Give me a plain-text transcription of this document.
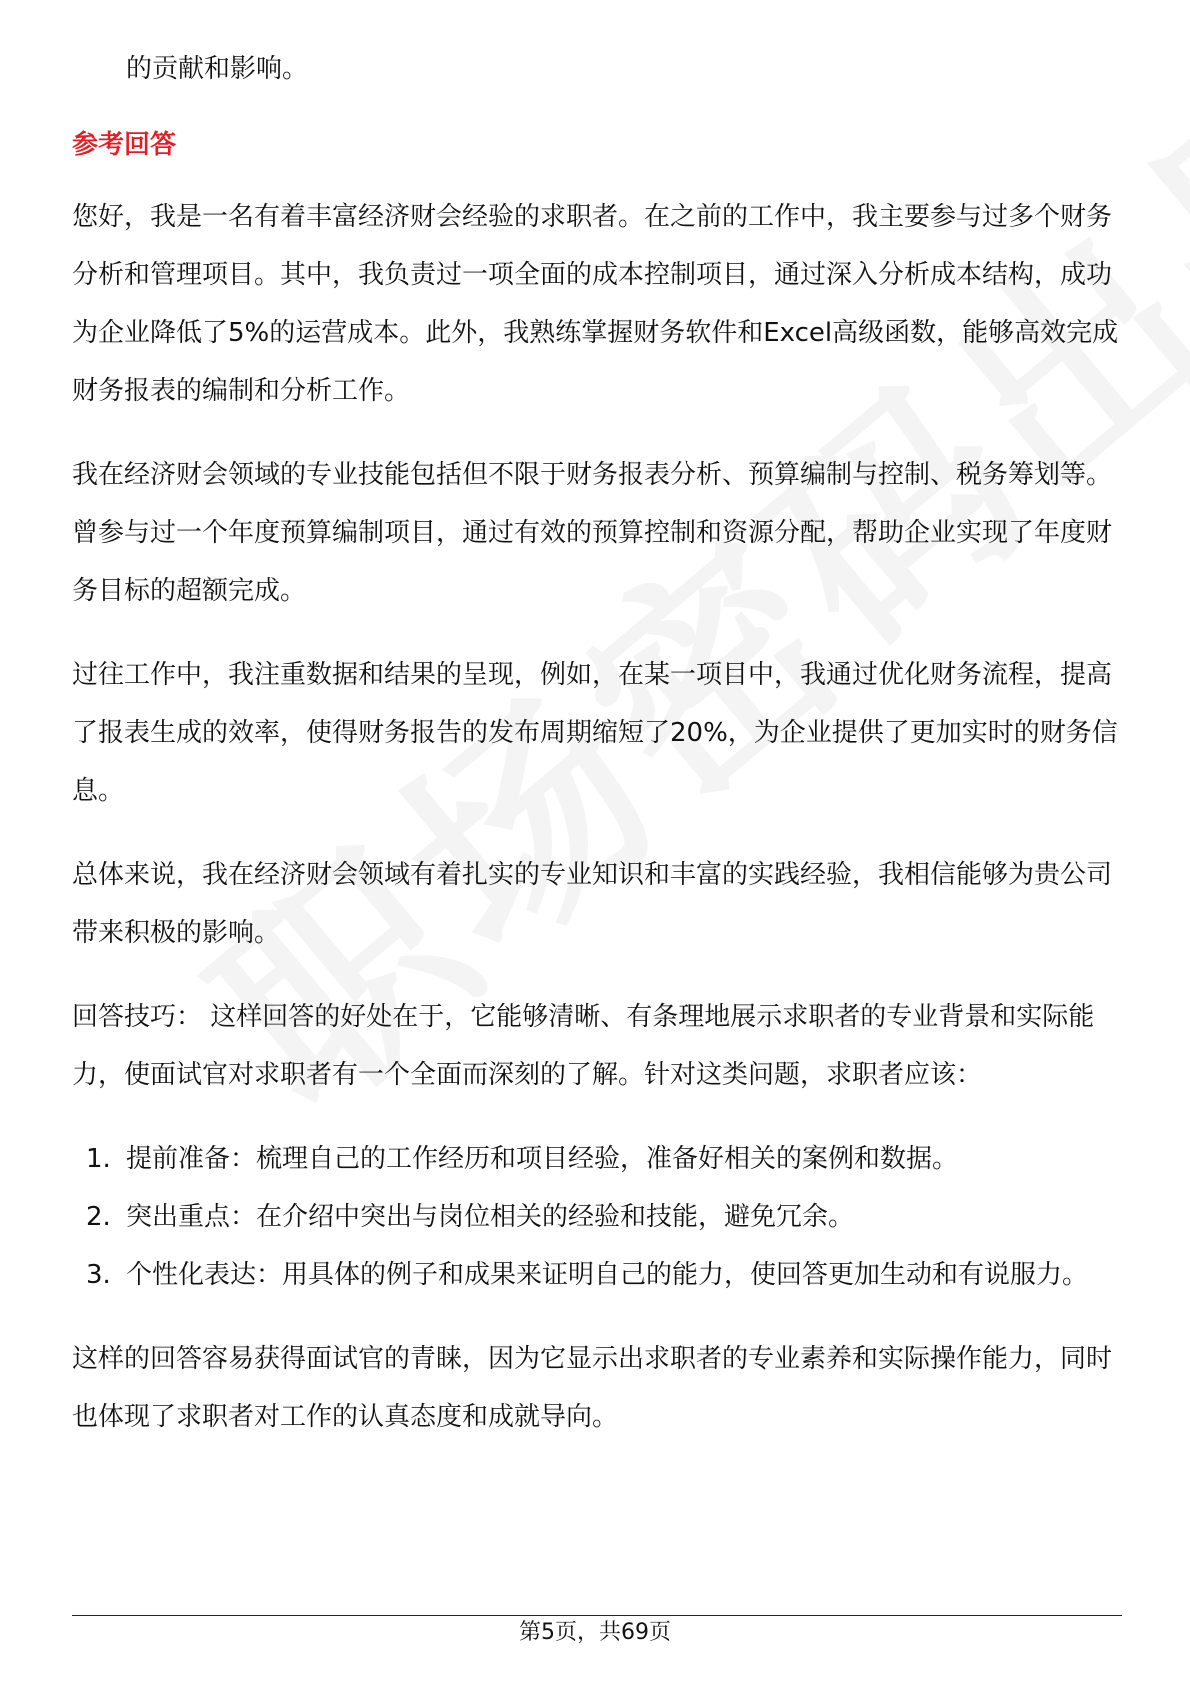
的贡献和影响。
参考回答

您好，我是一名有着丰富经济财会经验的求职者。在之前的工作中，我主要参与过多个财务分析和管理项目。其中，我负责过一项全面的成本控制项目，通过深入分析成本结构，成功为企业降低了5%的运营成本。此外，我熟练掌握财务软件和Excel高级函数，能够高效完成财务报表的编制和分析工作。

我在经济财会领域的专业技能包括但不限于财务报表分析、预算编制与控制、税务筹划等。曾参与过一个年度预算编制项目，通过有效的预算控制和资源分配，帮助企业实现了年度财务目标的超额完成。

过往工作中，我注重数据和结果的呈现，例如，在某一项目中，我通过优化财务流程，提高了报表生成的效率，使得财务报告的发布周期缩短了20%，为企业提供了更加实时的财务信息。

总体来说，我在经济财会领域有着扎实的专业知识和丰富的实践经验，我相信能够为贵公司带来积极的影响。

回答技巧： 这样回答的好处在于，它能够清晰、有条理地展示求职者的专业背景和实际能力，使面试官对求职者有一个全面而深刻的了解。针对这类问题，求职者应该：

1. 提前准备：梳理自己的工作经历和项目经验，准备好相关的案例和数据。
2. 突出重点：在介绍中突出与岗位相关的经验和技能，避免冗余。
3. 个性化表达：用具体的例子和成果来证明自己的能力，使回答更加生动和有说服力。

这样的回答容易获得面试官的青睐，因为它显示出求职者的专业素养和实际操作能力，同时也体现了求职者对工作的认真态度和成就导向。

第5页，共69页
